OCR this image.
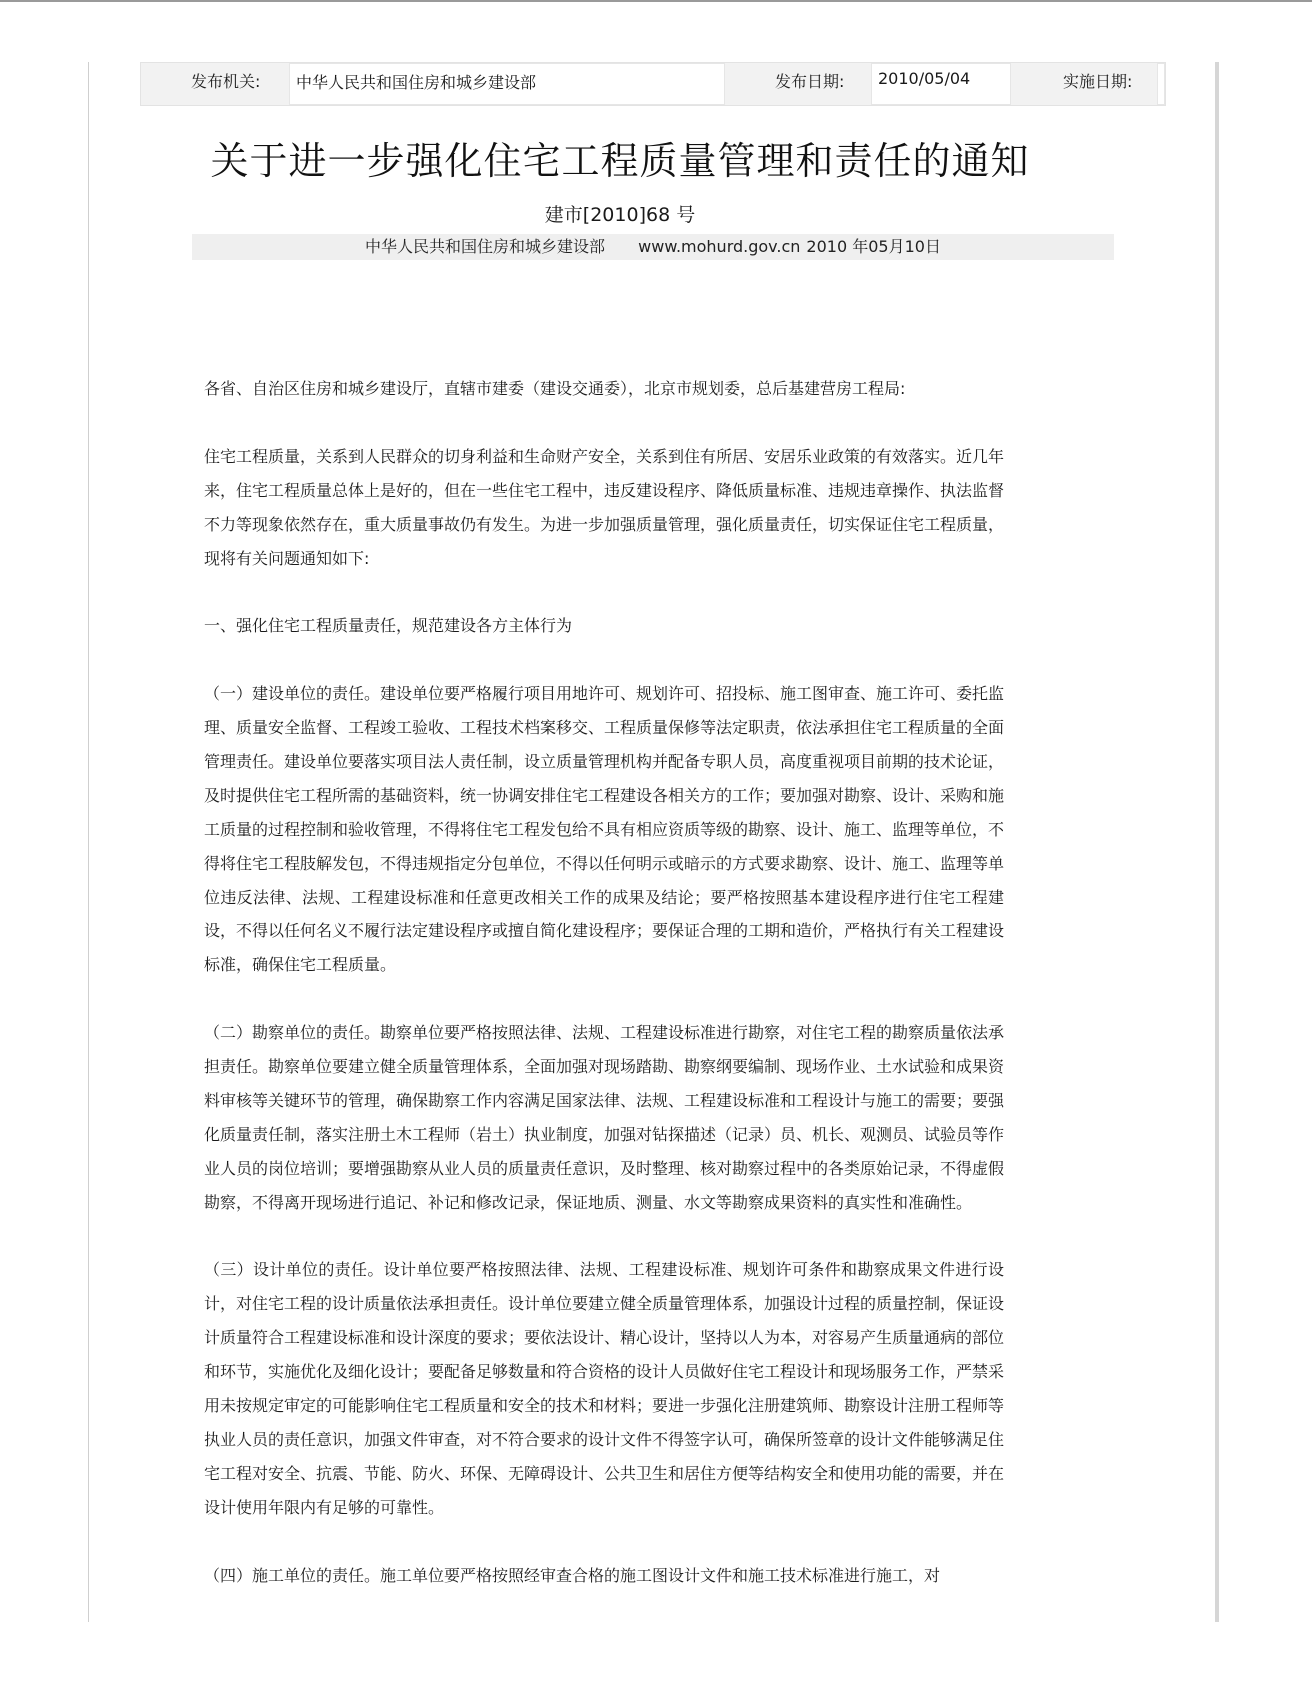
发布机关:	中华人民共和国住房和城乡建设部	发布日期:	2010/05/04	实施日期:
关于进一步强化住宅工程质量管理和责任的通知
建市[2010]68 号
中华人民共和国住房和城乡建设部 www.mohurd.gov.cn 2010 年05月10日

各省、自治区住房和城乡建设厅，直辖市建委（建设交通委），北京市规划委，总后基建营房工程局:

住宅工程质量，关系到人民群众的切身利益和生命财产安全，关系到住有所居、安居乐业政策的有效落实。近几年来，住宅工程质量总体上是好的，但在一些住宅工程中，违反建设程序、降低质量标准、违规违章操作、执法监督不力等现象依然存在，重大质量事故仍有发生。为进一步加强质量管理，强化质量责任，切实保证住宅工程质量，现将有关问题通知如下:

一、强化住宅工程质量责任，规范建设各方主体行为

（一）建设单位的责任。建设单位要严格履行项目用地许可、规划许可、招投标、施工图审查、施工许可、委托监理、质量安全监督、工程竣工验收、工程技术档案移交、工程质量保修等法定职责，依法承担住宅工程质量的全面管理责任。建设单位要落实项目法人责任制，设立质量管理机构并配备专职人员，高度重视项目前期的技术论证，及时提供住宅工程所需的基础资料，统一协调安排住宅工程建设各相关方的工作；要加强对勘察、设计、采购和施工质量的过程控制和验收管理，不得将住宅工程发包给不具有相应资质等级的勘察、设计、施工、监理等单位，不得将住宅工程肢解发包，不得违规指定分包单位，不得以任何明示或暗示的方式要求勘察、设计、施工、监理等单位违反法律、法规、工程建设标准和任意更改相关工作的成果及结论；要严格按照基本建设程序进行住宅工程建设，不得以任何名义不履行法定建设程序或擅自简化建设程序；要保证合理的工期和造价，严格执行有关工程建设标准，确保住宅工程质量。

（二）勘察单位的责任。勘察单位要严格按照法律、法规、工程建设标准进行勘察，对住宅工程的勘察质量依法承担责任。勘察单位要建立健全质量管理体系，全面加强对现场踏勘、勘察纲要编制、现场作业、土水试验和成果资料审核等关键环节的管理，确保勘察工作内容满足国家法律、法规、工程建设标准和工程设计与施工的需要；要强化质量责任制，落实注册土木工程师（岩土）执业制度，加强对钻探描述（记录）员、机长、观测员、试验员等作业人员的岗位培训；要增强勘察从业人员的质量责任意识，及时整理、核对勘察过程中的各类原始记录，不得虚假勘察，不得离开现场进行追记、补记和修改记录，保证地质、测量、水文等勘察成果资料的真实性和准确性。

（三）设计单位的责任。设计单位要严格按照法律、法规、工程建设标准、规划许可条件和勘察成果文件进行设计，对住宅工程的设计质量依法承担责任。设计单位要建立健全质量管理体系，加强设计过程的质量控制，保证设计质量符合工程建设标准和设计深度的要求；要依法设计、精心设计，坚持以人为本，对容易产生质量通病的部位和环节，实施优化及细化设计；要配备足够数量和符合资格的设计人员做好住宅工程设计和现场服务工作，严禁采用未按规定审定的可能影响住宅工程质量和安全的技术和材料；要进一步强化注册建筑师、勘察设计注册工程师等执业人员的责任意识，加强文件审查，对不符合要求的设计文件不得签字认可，确保所签章的设计文件能够满足住宅工程对安全、抗震、节能、防火、环保、无障碍设计、公共卫生和居住方便等结构安全和使用功能的需要，并在设计使用年限内有足够的可靠性。

（四）施工单位的责任。施工单位要严格按照经审查合格的施工图设计文件和施工技术标准进行施工，对
